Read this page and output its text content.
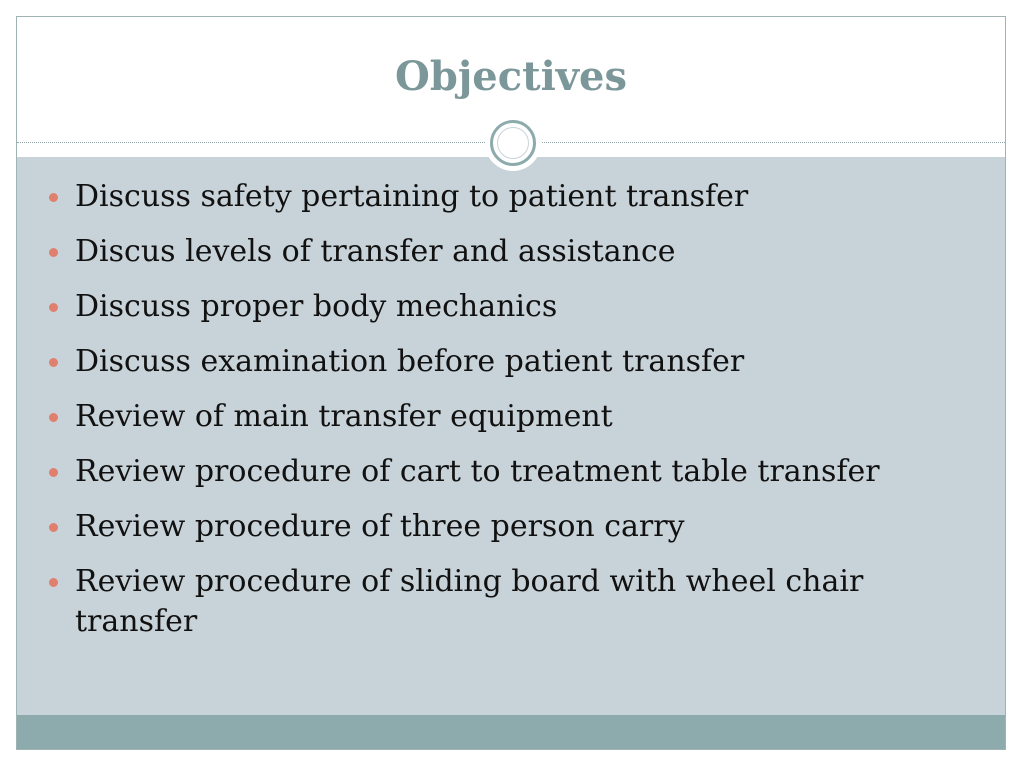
Objectives
Discuss safety pertaining to patient transfer
Discus levels of transfer and assistance
Discuss proper body mechanics
Discuss examination before patient transfer
Review of main transfer equipment
Review procedure of cart to treatment table transfer
Review procedure of three person carry
Review procedure of sliding board with wheel chair transfer
